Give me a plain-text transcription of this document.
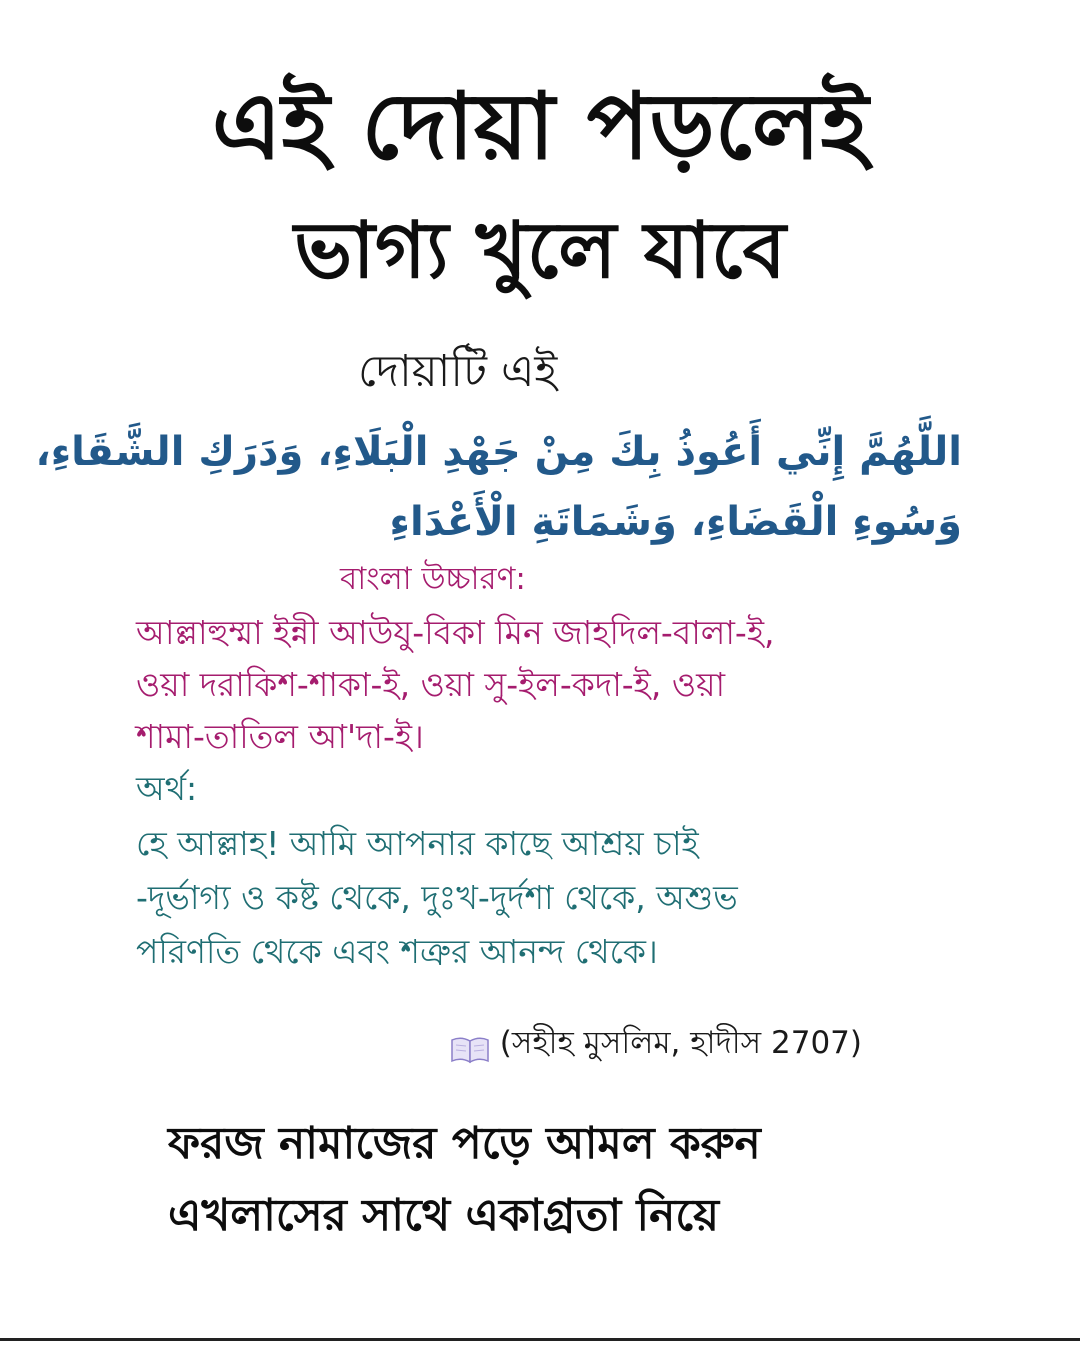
এই দোয়া পড়লেই
ভাগ্য খুলে যাবে
দোয়াটি এই
اللَّهُمَّ إِنِّي أَعُوذُ بِكَ مِنْ جَهْدِ الْبَلَاءِ، وَدَرَكِ الشَّقَاءِ،
وَسُوءِ الْقَضَاءِ، وَشَمَاتَةِ الْأَعْدَاءِ
বাংলা উচ্চারণ:
আল্লাহুম্মা ইন্নী আউযু-বিকা মিন জাহদিল-বালা-ই,
ওয়া দরাকিশ-শাকা-ই, ওয়া সু-ইল-কদা-ই, ওয়া
শামা-তাতিল আ'দা-ই।
অর্থ:
হে আল্লাহ! আমি আপনার কাছে আশ্রয় চাই
-দূর্ভাগ্য ও কষ্ট থেকে, দুঃখ-দুর্দশা থেকে, অশুভ
পরিণতি থেকে এবং শত্রুর আনন্দ থেকে।
(সহীহ মুসলিম, হাদীস 2707)
ফরজ নামাজের পড়ে আমল করুন
এখলাসের সাথে একাগ্রতা নিয়ে
